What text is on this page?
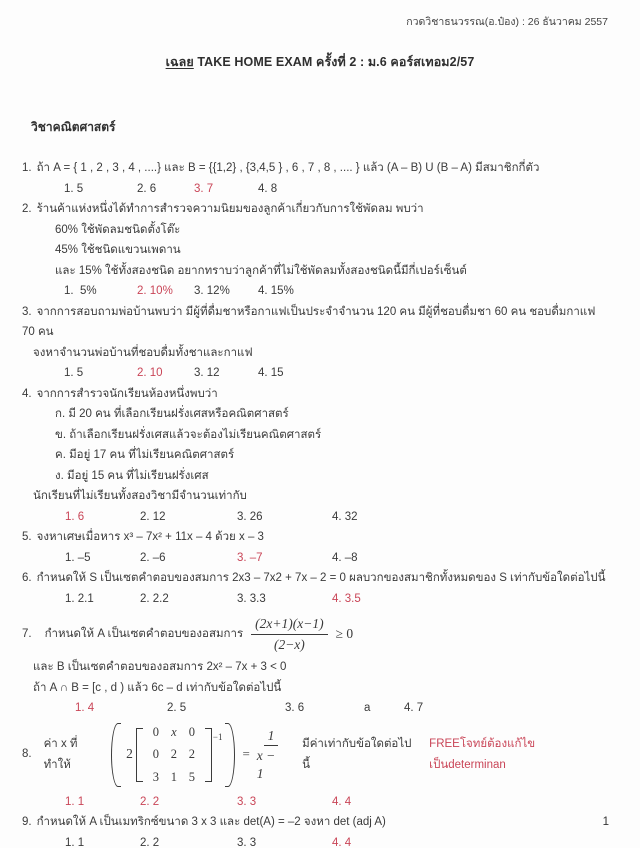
กวดวิชาธนวรรณ(อ.ป๋อง) : 26 ธันวาคม 2557
เฉลย TAKE HOME EXAM ครั้งที่ 2 : ม.6 คอร์สเทอม2/57
วิชาคณิตศาสตร์
1. ถ้า A = { 1 , 2 , 3 , 4 , ....} และ B = {{1,2} , {3,4,5 } , 6 , 7 , 8 , .... } แล้ว (A – B) U (B – A) มีสมาชิกกี่ตัว
1. 5	2. 6	3. 7	4. 8
2. ร้านค้าแห่งหนึ่งได้ทำการสำรวจความนิยมของลูกค้าเกี่ยวกับการใช้พัดลม พบว่า
60% ใช้พัดลมชนิดตั้งโต๊ะ
45% ใช้ชนิดแขวนเพดาน
และ 15% ใช้ทั้งสองชนิด อยากทราบว่าลูกค้าที่ไม่ใช้พัดลมทั้งสองชนิดนี้มีกี่เปอร์เซ็นต์
1.  5%	2. 10% 3. 12% 4. 15%
3. จากการสอบถามพ่อบ้านพบว่า มีผู้ที่ดื่มชาหรือกาแฟเป็นประจำจำนวน 120 คน มีผู้ที่ชอบดื่มชา 60 คน ชอบดื่มกาแฟ 70 คน
จงหาจำนวนพ่อบ้านที่ชอบดื่มทั้งชาและกาแฟ
1. 5	2. 10	3. 12	4. 15
4. จากการสำรวจนักเรียนห้องหนึ่งพบว่า
ก. มี 20 คน ที่เลือกเรียนฝรั่งเศสหรือคณิตศาสตร์
ข. ถ้าเลือกเรียนฝรั่งเศสแล้วจะต้องไม่เรียนคณิตศาสตร์
ค. มีอยู่ 17 คน ที่ไม่เรียนคณิตศาสตร์
ง. มีอยู่ 15 คน ที่ไม่เรียนฝรั่งเศส
นักเรียนที่ไม่เรียนทั้งสองวิชามีจำนวนเท่ากับ
1. 6	2. 12	3. 26	4. 32
5. จงหาเศษเมื่อหาร x³ – 7x² + 11x – 4 ด้วย x – 3
1. –5	2. –6	3. –7	4. –8
6. กำหนดให้ S เป็นเซตคำตอบของสมการ 2x3 – 7x2 + 7x – 2 = 0 ผลบวกของสมาชิกทั้งหมดของ S เท่ากับข้อใดต่อไปนี้
1. 2.1	2. 2.2	3. 3.3	4. 3.5
7. กำหนดให้ A เป็นเซตคำตอบของอสมการ $\frac{(2x+1)(x-1)}{(2-x)} \ge 0$
และ B เป็นเซตคำตอบของอสมการ 2x² – 7x + 3 < 0
ถ้า A ∩ B = [c , d ) แล้ว 6c – d เท่ากับข้อใดต่อไปนี้
1. 4	2. 5	3. 6	a	4. 7
8.
ค่า x ที่ทำให้
2
0 x 0
0 2 2
3 1 5
−1
= $\frac{1}{x - 1}$ มีค่าเท่ากับข้อใดต่อไปนี้
FREEโจทย์ต้องแก้ไขเป็นdeterminan
1. 1	2. 2	3. 3	4. 4
9. กำหนดให้ A เป็นเมทริกซ์ขนาด 3 x 3 และ det(A) = –2 จงหา det (adj A)
1. 1	2. 2	3. 3	4. 4
1
